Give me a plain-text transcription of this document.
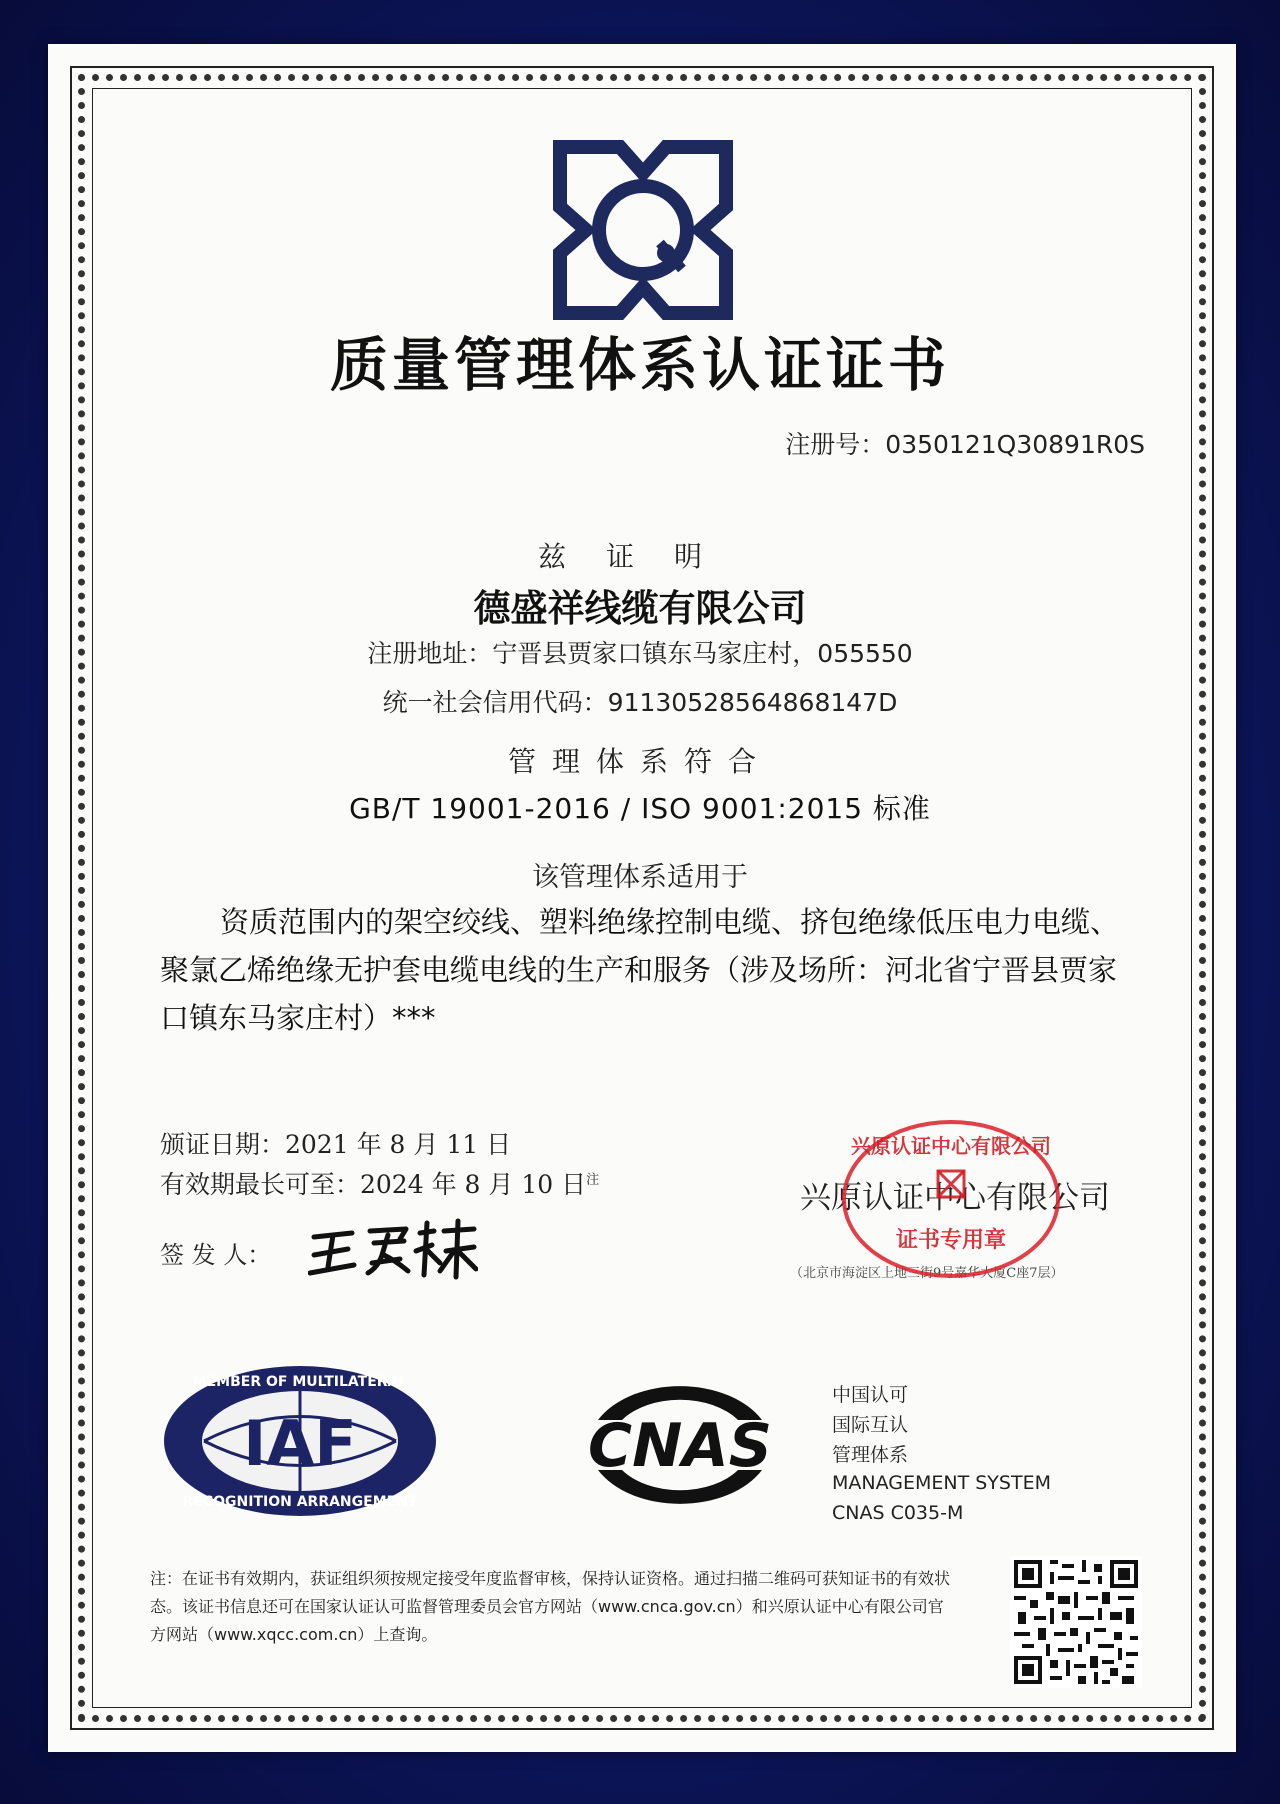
质量管理体系认证证书
注册号：0350121Q30891R0S
兹证明
德盛祥线缆有限公司
注册地址：宁晋县贾家口镇东马家庄村，055550
统一社会信用代码：91130528564868147D
管理体系符合
GB/T 19001-2016 / ISO 9001:2015 标准
该管理体系适用于
资质范围内的架空绞线、塑料绝缘控制电缆、挤包绝缘低压电力电缆、聚氯乙烯绝缘无护套电缆电线的生产和服务（涉及场所：河北省宁晋县贾家口镇东马家庄村）***
颁证日期：2021 年 8 月 11 日
有效期最长可至：2024 年 8 月 10 日$^注$
签 发 人：
兴原认证中心有限公司
（北京市海淀区上地三街9号嘉华大厦C座7层）
兴原认证中心有限公司
证书专用章
IAF
MEMBER OF MULTILATERAL
RECOGNITION ARRANGEMENT
CNAS
中国认可
国际互认
管理体系
MANAGEMENT SYSTEM
CNAS C035-M
注：在证书有效期内，获证组织须按规定接受年度监督审核，保持认证资格。通过扫描二维码可获知证书的有效状态。该证书信息还可在国家认证认可监督管理委员会官方网站（www.cnca.gov.cn）和兴原认证中心有限公司官方网站（www.xqcc.com.cn）上查询。
